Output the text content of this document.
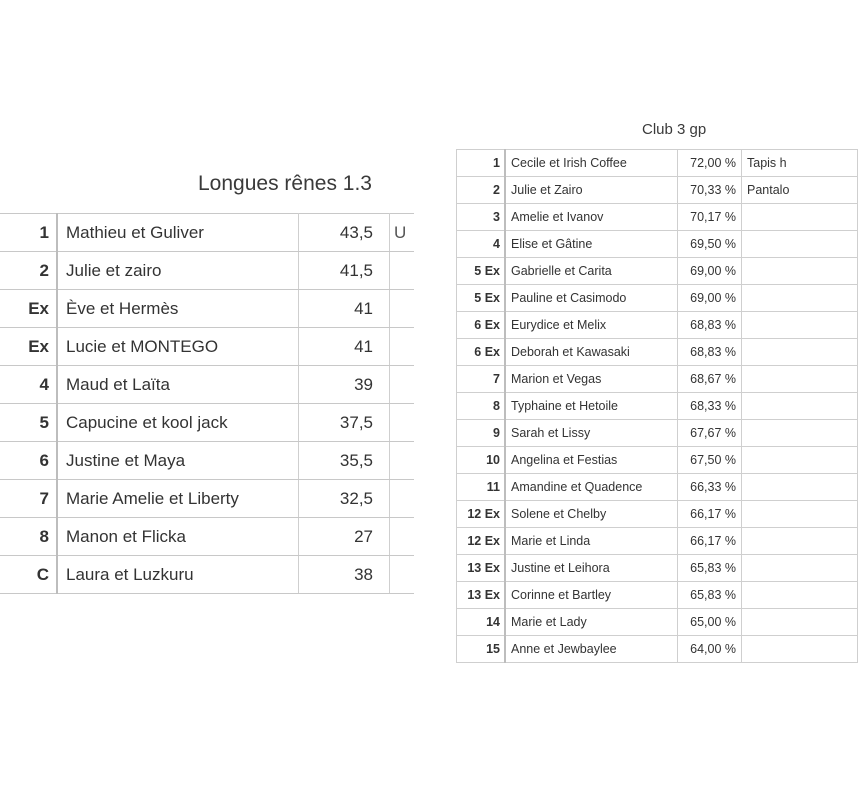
Longues rênes 1.3
1	Mathieu et Guliver	43,5	U
2	Julie et zairo	41,5	
Ex	Ève et Hermès	41	
Ex	Lucie et MONTEGO	41	
4	Maud et Laïta	39	
5	Capucine et kool jack	37,5	
6	Justine et Maya	35,5	
7	Marie Amelie et Liberty	32,5	
8	Manon et Flicka	27	
C	Laura et Luzkuru	38	
Club 3 gp
1	Cecile et Irish Coffee	72,00 %	Tapis h
2	Julie et Zairo	70,33 %	Pantalo
3	Amelie et Ivanov	70,17 %	
4	Elise et Gâtine	69,50 %	
5 Ex	Gabrielle et Carita	69,00 %	
5 Ex	Pauline et Casimodo	69,00 %	
6 Ex	Eurydice et Melix	68,83 %	
6 Ex	Deborah et Kawasaki	68,83 %	
7	Marion et Vegas	68,67 %	
8	Typhaine et Hetoile	68,33 %	
9	Sarah et Lissy	67,67 %	
10	Angelina et Festias	67,50 %	
11	Amandine et Quadence	66,33 %	
12 Ex	Solene et Chelby	66,17 %	
12 Ex	Marie et Linda	66,17 %	
13 Ex	Justine et Leihora	65,83 %	
13 Ex	Corinne et Bartley	65,83 %	
14	Marie et Lady	65,00 %	
15	Anne et Jewbaylee	64,00 %	
